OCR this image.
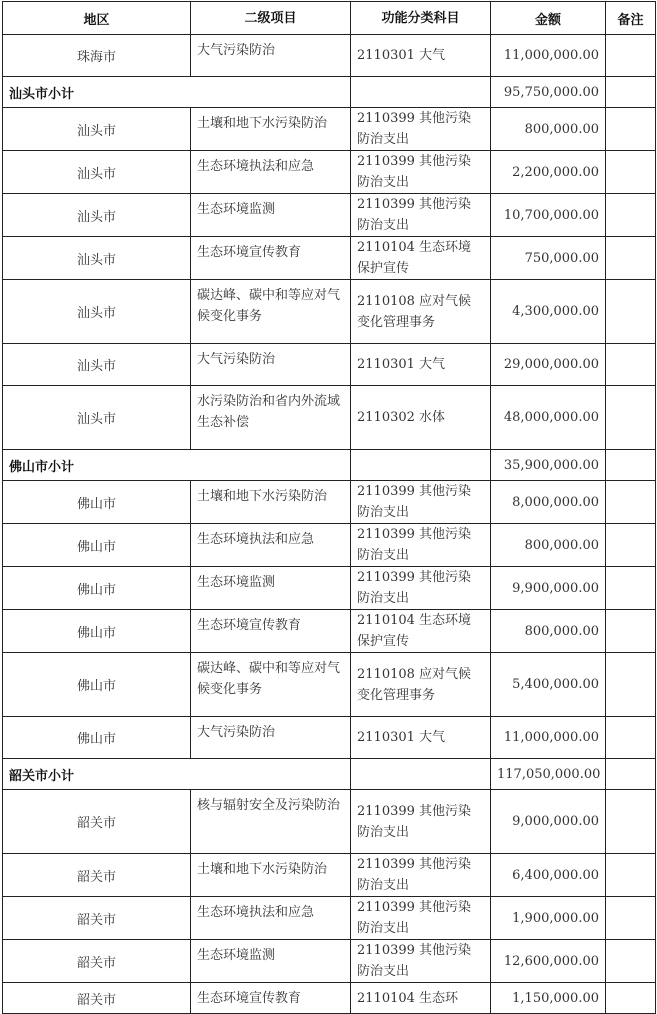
地区	二级项目	功能分类科目	金额	备注
珠海市	大气污染防治	2110301 大气	11,000,000.00	
汕头市小计			95,750,000.00	
汕头市	土壤和地下水污染防治	2110399 其他污染防治支出	800,000.00	
汕头市	生态环境执法和应急	2110399 其他污染防治支出	2,200,000.00	
汕头市	生态环境监测	2110399 其他污染防治支出	10,700,000.00	
汕头市	生态环境宣传教育	2110104 生态环境保护宣传	750,000.00	
汕头市	碳达峰、碳中和等应对气候变化事务	2110108 应对气候变化管理事务	4,300,000.00	
汕头市	大气污染防治	2110301 大气	29,000,000.00	
汕头市	水污染防治和省内外流域生态补偿	2110302 水体	48,000,000.00	
佛山市小计			35,900,000.00	
佛山市	土壤和地下水污染防治	2110399 其他污染防治支出	8,000,000.00	
佛山市	生态环境执法和应急	2110399 其他污染防治支出	800,000.00	
佛山市	生态环境监测	2110399 其他污染防治支出	9,900,000.00	
佛山市	生态环境宣传教育	2110104 生态环境保护宣传	800,000.00	
佛山市	碳达峰、碳中和等应对气候变化事务	2110108 应对气候变化管理事务	5,400,000.00	
佛山市	大气污染防治	2110301 大气	11,000,000.00	
韶关市小计			117,050,000.00	
韶关市	核与辐射安全及污染防治	2110399 其他污染防治支出	9,000,000.00	
韶关市	土壤和地下水污染防治	2110399 其他污染防治支出	6,400,000.00	
韶关市	生态环境执法和应急	2110399 其他污染防治支出	1,900,000.00	
韶关市	生态环境监测	2110399 其他污染防治支出	12,600,000.00	
韶关市	生态环境宣传教育	2110104 生态环	1,150,000.00	
